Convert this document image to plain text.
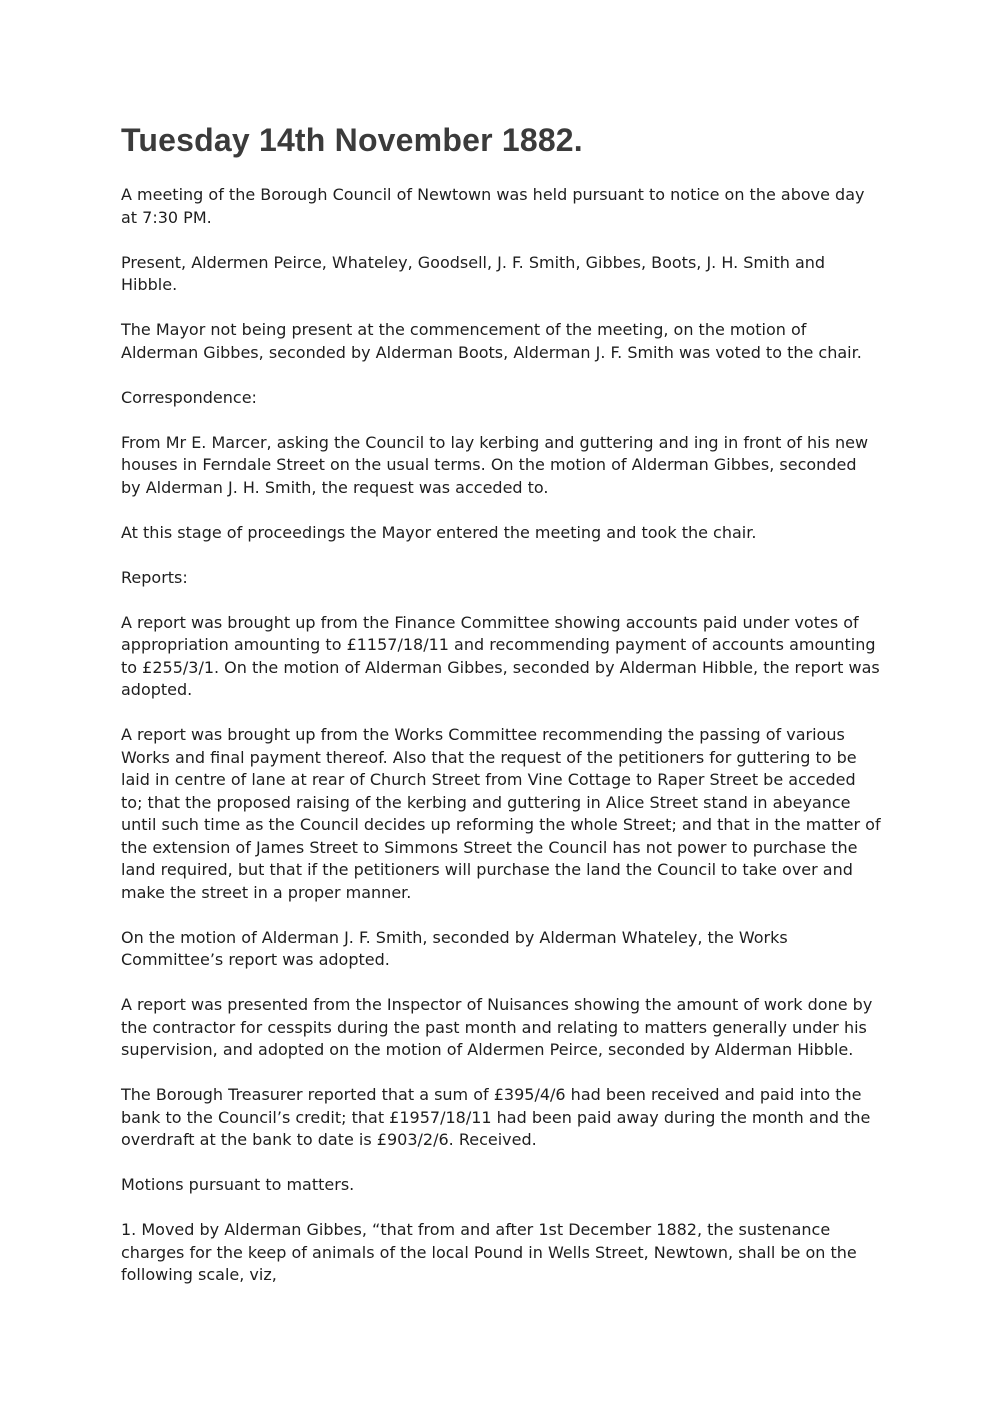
Tuesday 14th November 1882.

A meeting of the Borough Council of Newtown was held pursuant to notice on the above day at 7:30 PM.

Present, Aldermen Peirce, Whateley, Goodsell, J. F. Smith, Gibbes, Boots, J. H. Smith and Hibble.

The Mayor not being present at the commencement of the meeting, on the motion of Alderman Gibbes, seconded by Alderman Boots, Alderman J. F. Smith was voted to the chair.

Correspondence:

From Mr E. Marcer, asking the Council to lay kerbing and guttering and ing in front of his new houses in Ferndale Street on the usual terms. On the motion of Alderman Gibbes, seconded by Alderman J. H. Smith, the request was acceded to.

At this stage of proceedings the Mayor entered the meeting and took the chair.

Reports:

A report was brought up from the Finance Committee showing accounts paid under votes of appropriation amounting to £1157/18/11 and recommending payment of accounts amounting to £255/3/1. On the motion of Alderman Gibbes, seconded by Alderman Hibble, the report was adopted.

A report was brought up from the Works Committee recommending the passing of various Works and final payment thereof. Also that the request of the petitioners for guttering to be laid in centre of lane at rear of Church Street from Vine Cottage to Raper Street be acceded to; that the proposed raising of the kerbing and guttering in Alice Street stand in abeyance until such time as the Council decides up reforming the whole Street; and that in the matter of the extension of James Street to Simmons Street the Council has not power to purchase the land required, but that if the petitioners will purchase the land the Council to take over and make the street in a proper manner.

On the motion of Alderman J. F. Smith, seconded by Alderman Whateley, the Works Committee’s report was adopted.

A report was presented from the Inspector of Nuisances showing the amount of work done by the contractor for cesspits during the past month and relating to matters generally under his supervision, and adopted on the motion of Aldermen Peirce, seconded by Alderman Hibble.

The Borough Treasurer reported that a sum of £395/4/6 had been received and paid into the bank to the Council’s credit; that £1957/18/11 had been paid away during the month and the overdraft at the bank to date is £903/2/6. Received.

Motions pursuant to matters.

1. Moved by Alderman Gibbes, “that from and after 1st December 1882, the sustenance charges for the keep of animals of the local Pound in Wells Street, Newtown, shall be on the following scale, viz,
